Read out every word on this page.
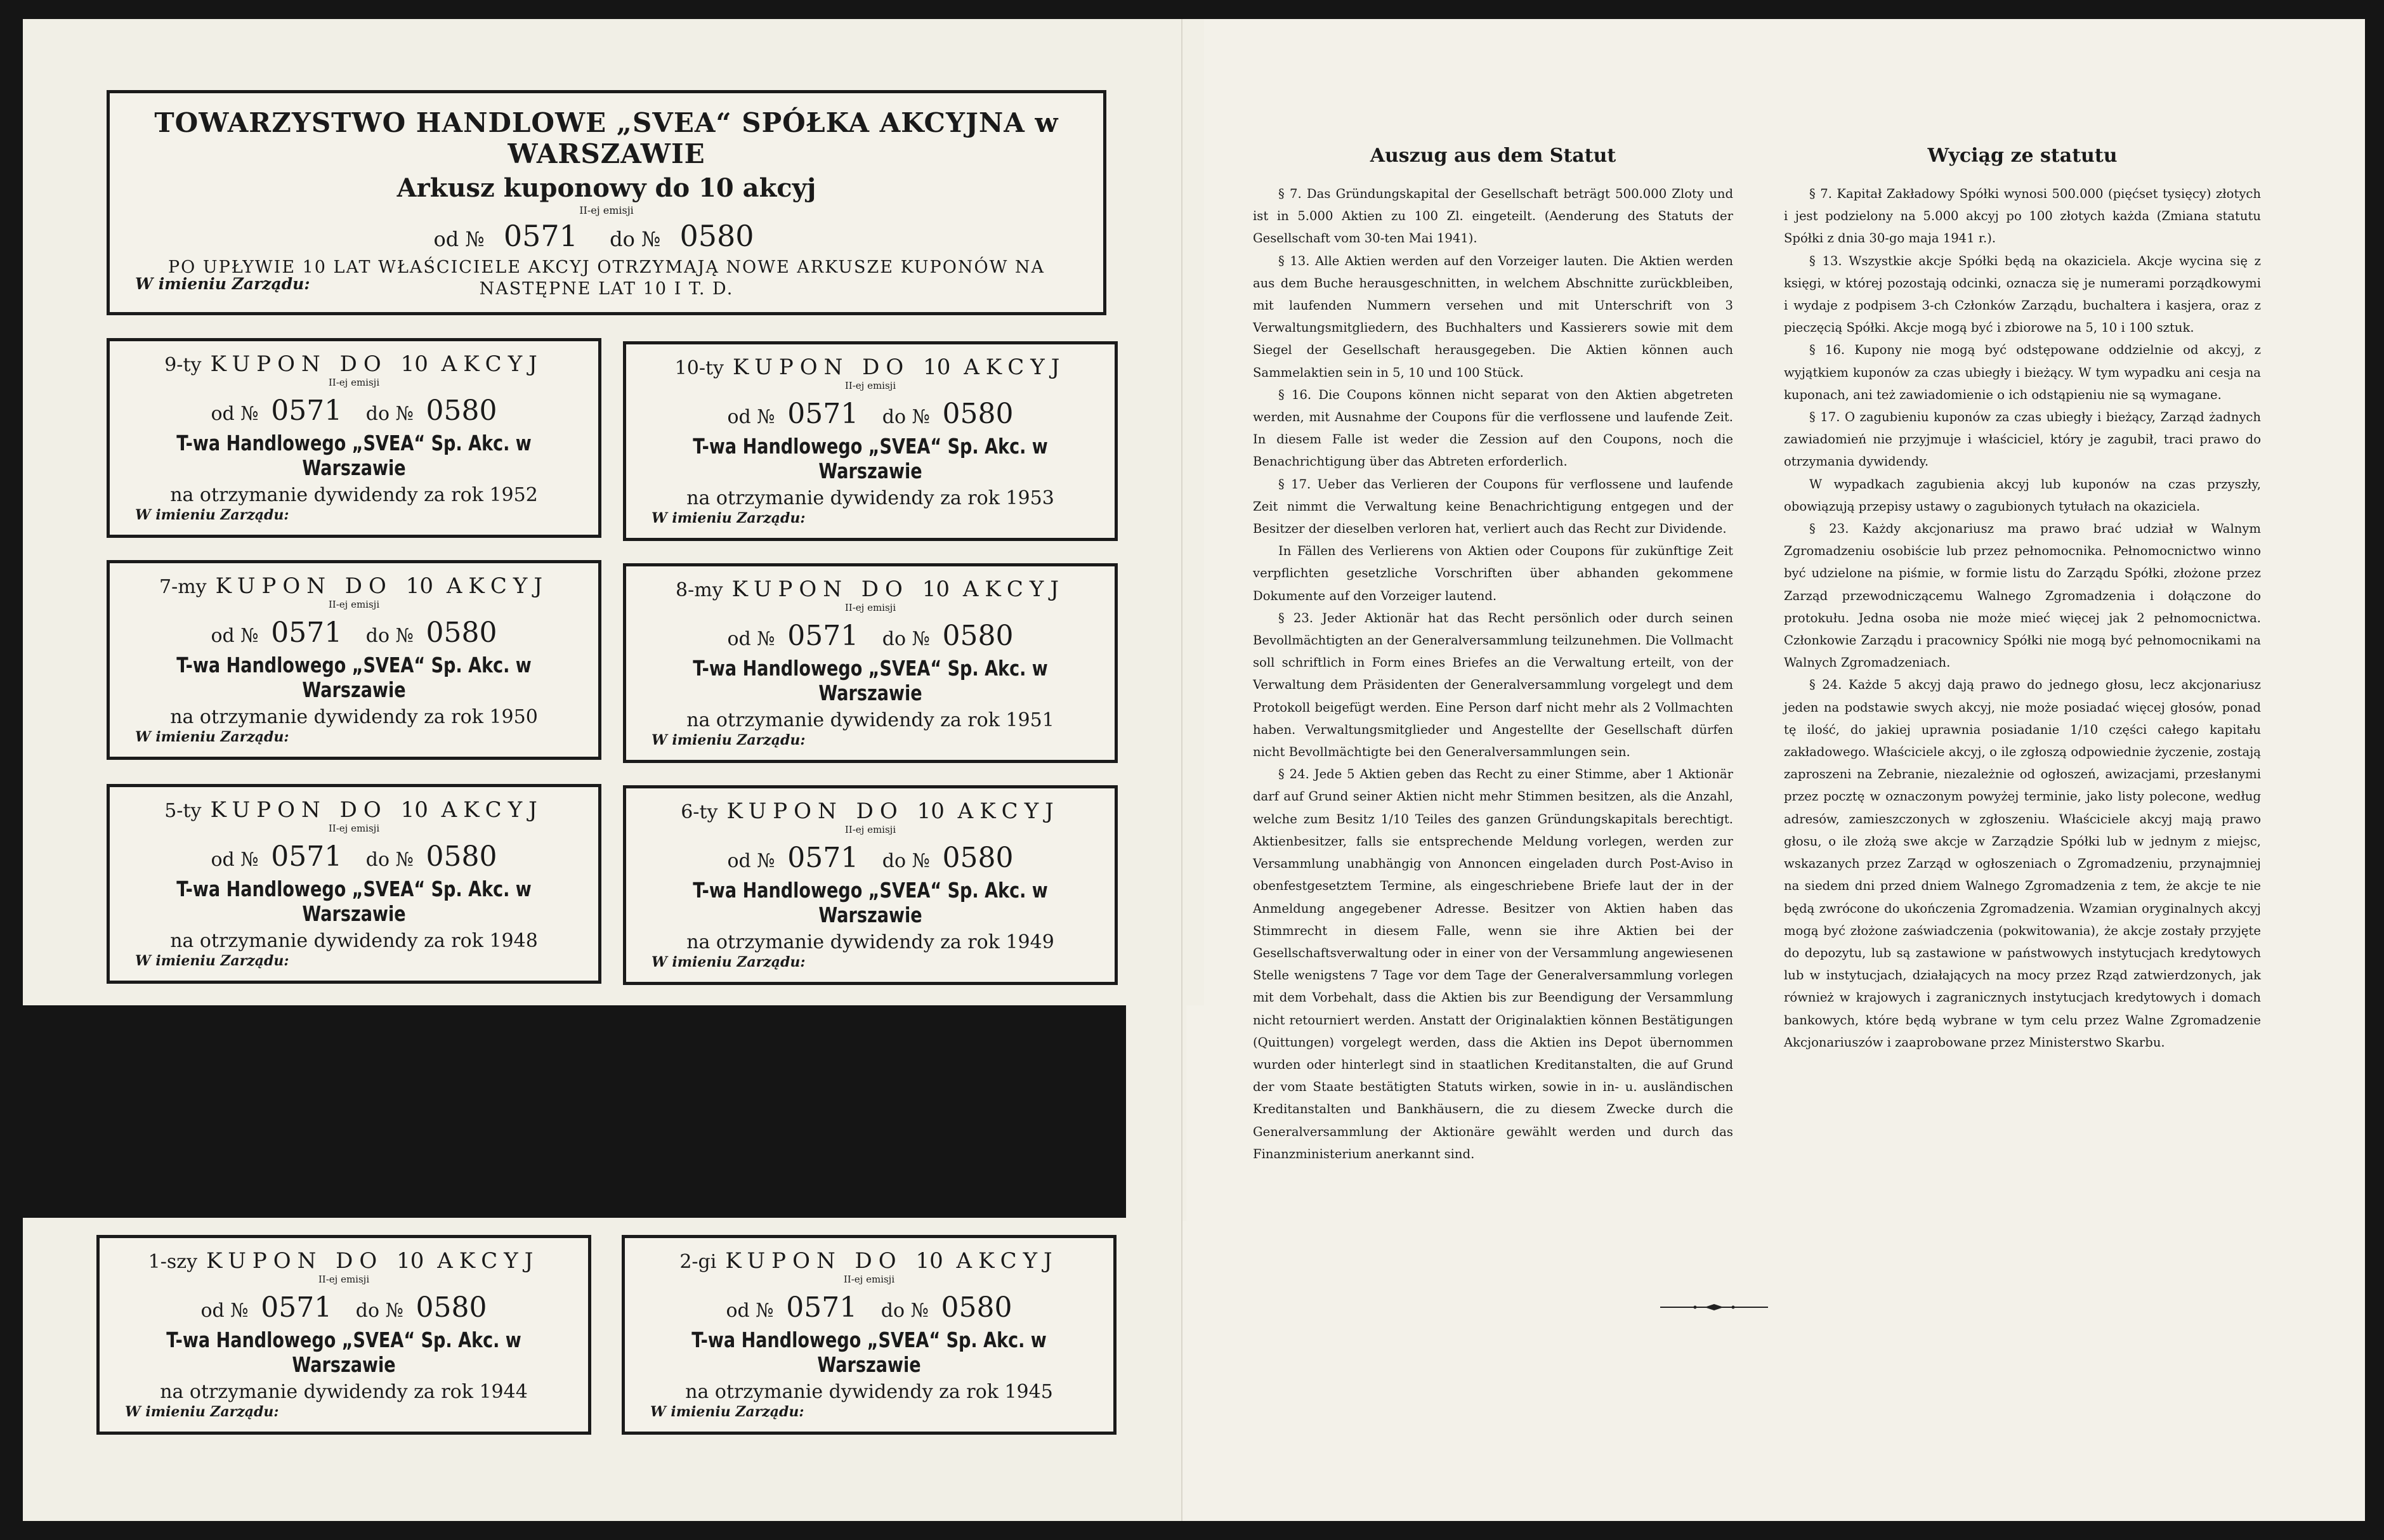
TOWARZYSTWO HANDLOWE „SVEA“ SPÓŁKA AKCYJNA w WARSZAWIE
Arkusz kuponowy do 10 akcyj
II-ej emisji
od № 0571 do № 0580
PO UPŁYWIE 10 LAT WŁAŚCICIELE AKCYJ OTRZYMAJĄ NOWE ARKUSZE KUPONÓW NA NASTĘPNE LAT 10 I T. D.
W imieniu Zarządu:
9-ty KUPON DO 10 AKCYJ
II-ej emisji
od № 0571 do № 0580
T-wa Handlowego „SVEA“ Sp. Akc. w Warszawie
na otrzymanie dywidendy za rok 1952
W imieniu Zarządu:
10-ty KUPON DO 10 AKCYJ
II-ej emisji
od № 0571 do № 0580
T-wa Handlowego „SVEA“ Sp. Akc. w Warszawie
na otrzymanie dywidendy za rok 1953
W imieniu Zarządu:
7-my KUPON DO 10 AKCYJ
II-ej emisji
od № 0571 do № 0580
T-wa Handlowego „SVEA“ Sp. Akc. w Warszawie
na otrzymanie dywidendy za rok 1950
W imieniu Zarządu:
8-my KUPON DO 10 AKCYJ
II-ej emisji
od № 0571 do № 0580
T-wa Handlowego „SVEA“ Sp. Akc. w Warszawie
na otrzymanie dywidendy za rok 1951
W imieniu Zarządu:
5-ty KUPON DO 10 AKCYJ
II-ej emisji
od № 0571 do № 0580
T-wa Handlowego „SVEA“ Sp. Akc. w Warszawie
na otrzymanie dywidendy za rok 1948
W imieniu Zarządu:
6-ty KUPON DO 10 AKCYJ
II-ej emisji
od № 0571 do № 0580
T-wa Handlowego „SVEA“ Sp. Akc. w Warszawie
na otrzymanie dywidendy za rok 1949
W imieniu Zarządu:
1-szy KUPON DO 10 AKCYJ
II-ej emisji
od № 0571 do № 0580
T-wa Handlowego „SVEA“ Sp. Akc. w Warszawie
na otrzymanie dywidendy za rok 1944
W imieniu Zarządu:
2-gi KUPON DO 10 AKCYJ
II-ej emisji
od № 0571 do № 0580
T-wa Handlowego „SVEA“ Sp. Akc. w Warszawie
na otrzymanie dywidendy za rok 1945
W imieniu Zarządu:
Auszug aus dem Statut

§ 7. Das Gründungskapital der Gesellschaft beträgt 500.000 Zloty und ist in 5.000 Aktien zu 100 Zl. eingeteilt. (Aenderung des Statuts der Gesellschaft vom 30-ten Mai 1941).

§ 13. Alle Aktien werden auf den Vorzeiger lauten. Die Aktien werden aus dem Buche herausgeschnitten, in welchem Abschnitte zurückbleiben, mit laufenden Nummern versehen und mit Unterschrift von 3 Verwaltungsmitgliedern, des Buchhalters und Kassierers sowie mit dem Siegel der Gesellschaft herausgegeben. Die Aktien können auch Sammelaktien sein in 5, 10 und 100 Stück.

§ 16. Die Coupons können nicht separat von den Aktien abgetreten werden, mit Ausnahme der Coupons für die verflossene und laufende Zeit. In diesem Falle ist weder die Zession auf den Coupons, noch die Benachrichtigung über das Abtreten erforderlich.

§ 17. Ueber das Verlieren der Coupons für verflossene und laufende Zeit nimmt die Verwaltung keine Benachrichtigung entgegen und der Besitzer der dieselben verloren hat, verliert auch das Recht zur Dividende.

In Fällen des Verlierens von Aktien oder Coupons für zukünftige Zeit verpflichten gesetzliche Vorschriften über abhanden gekommene Dokumente auf den Vorzeiger lautend.

§ 23. Jeder Aktionär hat das Recht persönlich oder durch seinen Bevollmächtigten an der Generalversammlung teilzunehmen. Die Vollmacht soll schriftlich in Form eines Briefes an die Verwaltung erteilt, von der Verwaltung dem Präsidenten der Generalversammlung vorgelegt und dem Protokoll beigefügt werden. Eine Person darf nicht mehr als 2 Vollmachten haben. Verwaltungsmitglieder und Angestellte der Gesellschaft dürfen nicht Bevollmächtigte bei den Generalversammlungen sein.

§ 24. Jede 5 Aktien geben das Recht zu einer Stimme, aber 1 Aktionär darf auf Grund seiner Aktien nicht mehr Stimmen besitzen, als die Anzahl, welche zum Besitz 1/10 Teiles des ganzen Gründungskapitals berechtigt. Aktienbesitzer, falls sie entsprechende Meldung vorlegen, werden zur Versammlung unabhängig von Annoncen eingeladen durch Post-Aviso in obenfestgesetztem Termine, als eingeschriebene Briefe laut der in der Anmeldung angegebener Adresse. Besitzer von Aktien haben das Stimmrecht in diesem Falle, wenn sie ihre Aktien bei der Gesellschaftsverwaltung oder in einer von der Versammlung angewiesenen Stelle wenigstens 7 Tage vor dem Tage der Generalversammlung vorlegen mit dem Vorbehalt, dass die Aktien bis zur Beendigung der Versammlung nicht retourniert werden. Anstatt der Originalaktien können Bestätigungen (Quittungen) vorgelegt werden, dass die Aktien ins Depot übernommen wurden oder hinterlegt sind in staatlichen Kreditanstalten, die auf Grund der vom Staate bestätigten Statuts wirken, sowie in in- u. ausländischen Kreditanstalten und Bankhäusern, die zu diesem Zwecke durch die Generalversammlung der Aktionäre gewählt werden und durch das Finanzministerium anerkannt sind.

Wyciąg ze statutu

§ 7. Kapitał Zakładowy Spółki wynosi 500.000 (pięćset tysięcy) złotych i jest podzielony na 5.000 akcyj po 100 złotych każda (Zmiana statutu Spółki z dnia 30-go maja 1941 r.).

§ 13. Wszystkie akcje Spółki będą na okaziciela. Akcje wycina się z księgi, w której pozostają odcinki, oznacza się je numerami porządkowymi i wydaje z podpisem 3-ch Członków Zarządu, buchaltera i kasjera, oraz z pieczęcią Spółki. Akcje mogą być i zbiorowe na 5, 10 i 100 sztuk.

§ 16. Kupony nie mogą być odstępowane oddzielnie od akcyj, z wyjątkiem kuponów za czas ubiegły i bieżący. W tym wypadku ani cesja na kuponach, ani też zawiadomienie o ich odstąpieniu nie są wymagane.

§ 17. O zagubieniu kuponów za czas ubiegły i bieżący, Zarząd żadnych zawiadomień nie przyjmuje i właściciel, który je zagubił, traci prawo do otrzymania dywidendy.

W wypadkach zagubienia akcyj lub kuponów na czas przyszły, obowiązują przepisy ustawy o zagubionych tytułach na okaziciela.

§ 23. Każdy akcjonariusz ma prawo brać udział w Walnym Zgromadzeniu osobiście lub przez pełnomocnika. Pełnomocnictwo winno być udzielone na piśmie, w formie listu do Zarządu Spółki, złożone przez Zarząd przewodniczącemu Walnego Zgromadzenia i dołączone do protokułu. Jedna osoba nie może mieć więcej jak 2 pełnomocnictwa. Członkowie Zarządu i pracownicy Spółki nie mogą być pełnomocnikami na Walnych Zgromadzeniach.

§ 24. Każde 5 akcyj dają prawo do jednego głosu, lecz akcjonariusz jeden na podstawie swych akcyj, nie może posiadać więcej głosów, ponad tę ilość, do jakiej uprawnia posiadanie 1/10 części całego kapitału zakładowego. Właściciele akcyj, o ile zgłoszą odpowiednie życzenie, zostają zaproszeni na Zebranie, niezależnie od ogłoszeń, awizacjami, przesłanymi przez pocztę w oznaczonym powyżej terminie, jako listy polecone, według adresów, zamieszczonych w zgłoszeniu. Właściciele akcyj mają prawo głosu, o ile złożą swe akcje w Zarządzie Spółki lub w jednym z miejsc, wskazanych przez Zarząd w ogłoszeniach o Zgromadzeniu, przynajmniej na siedem dni przed dniem Walnego Zgromadzenia z tem, że akcje te nie będą zwrócone do ukończenia Zgromadzenia. Wzamian oryginalnych akcyj mogą być złożone zaświadczenia (pokwitowania), że akcje zostały przyjęte do depozytu, lub są zastawione w państwowych instytucjach kredytowych lub w instytucjach, działających na mocy przez Rząd zatwierdzonych, jak również w krajowych i zagranicznych instytucjach kredytowych i domach bankowych, które będą wybrane w tym celu przez Walne Zgromadzenie Akcjonariuszów i zaaprobowane przez Ministerstwo Skarbu.
